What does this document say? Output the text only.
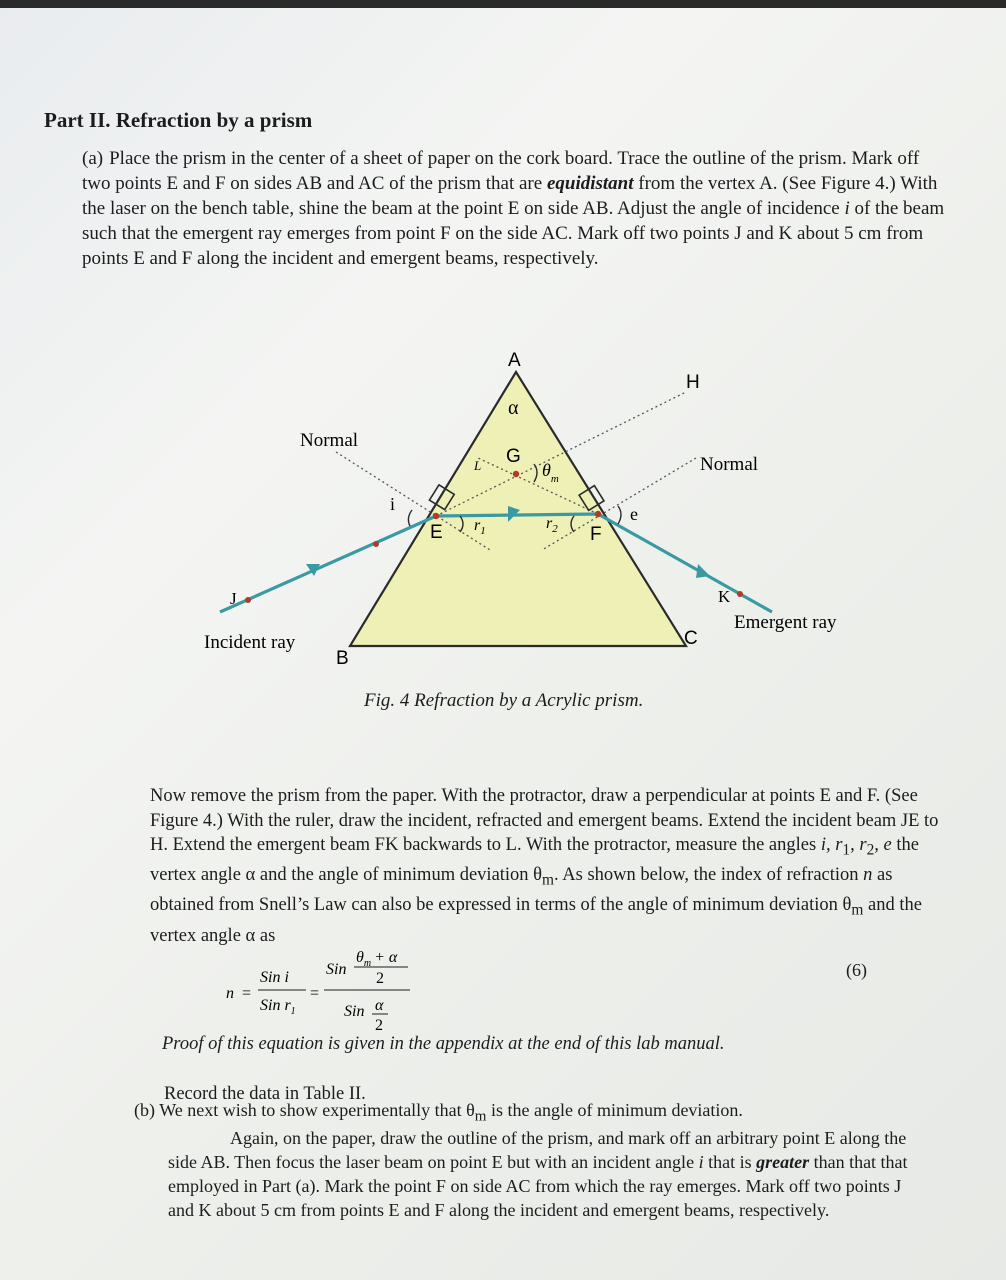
Part II. Refraction by a prism
(a) Place the prism in the center of a sheet of paper on the cork board. Trace the outline of the prism. Mark off two points E and F on sides AB and AC of the prism that are equidistant from the vertex A. (See Figure 4.) With the laser on the bench table, shine the beam at the point E on side AB. Adjust the angle of incidence i of the beam such that the emergent ray emerges from point F on the side AC. Mark off two points J and K about 5 cm from points E and F along the incident and emergent beams, respectively.
A
B
C
E	F
G
H
J	K
L
α
i	e
$r_1$	$r_2$
$\theta_m$
Normal
Normal
Incident ray
Emergent ray
Fig. 4 Refraction by a Acrylic prism.
Now remove the prism from the paper. With the protractor, draw a perpendicular at points E and F. (See Figure 4.) With the ruler, draw the incident, refracted and emergent beams. Extend the incident beam JE to H. Extend the emergent beam FK backwards to L. With the protractor, measure the angles i, $r_1$, $r_2$, e the vertex angle α and the angle of minimum deviation $\theta_m$. As shown below, the index of refraction n as obtained from Snell’s Law can also be expressed in terms of the angle of minimum deviation $\theta_m$ and the vertex angle α as
n =
Sin i
Sin $r_1$
=
Sin
$\theta_m + \alpha$
2
Sin α
2
(6)
Proof of this equation is given in the appendix at the end of this lab manual.
Record the data in Table II.
(b) We next wish to show experimentally that $\theta_m$ is the angle of minimum deviation.
Again, on the paper, draw the outline of the prism, and mark off an arbitrary point E along the side AB. Then focus the laser beam on point E but with an incident angle i that is greater than that that employed in Part (a). Mark the point F on side AC from which the ray emerges. Mark off two points J and K about 5 cm from points E and F along the incident and emergent beams, respectively.
